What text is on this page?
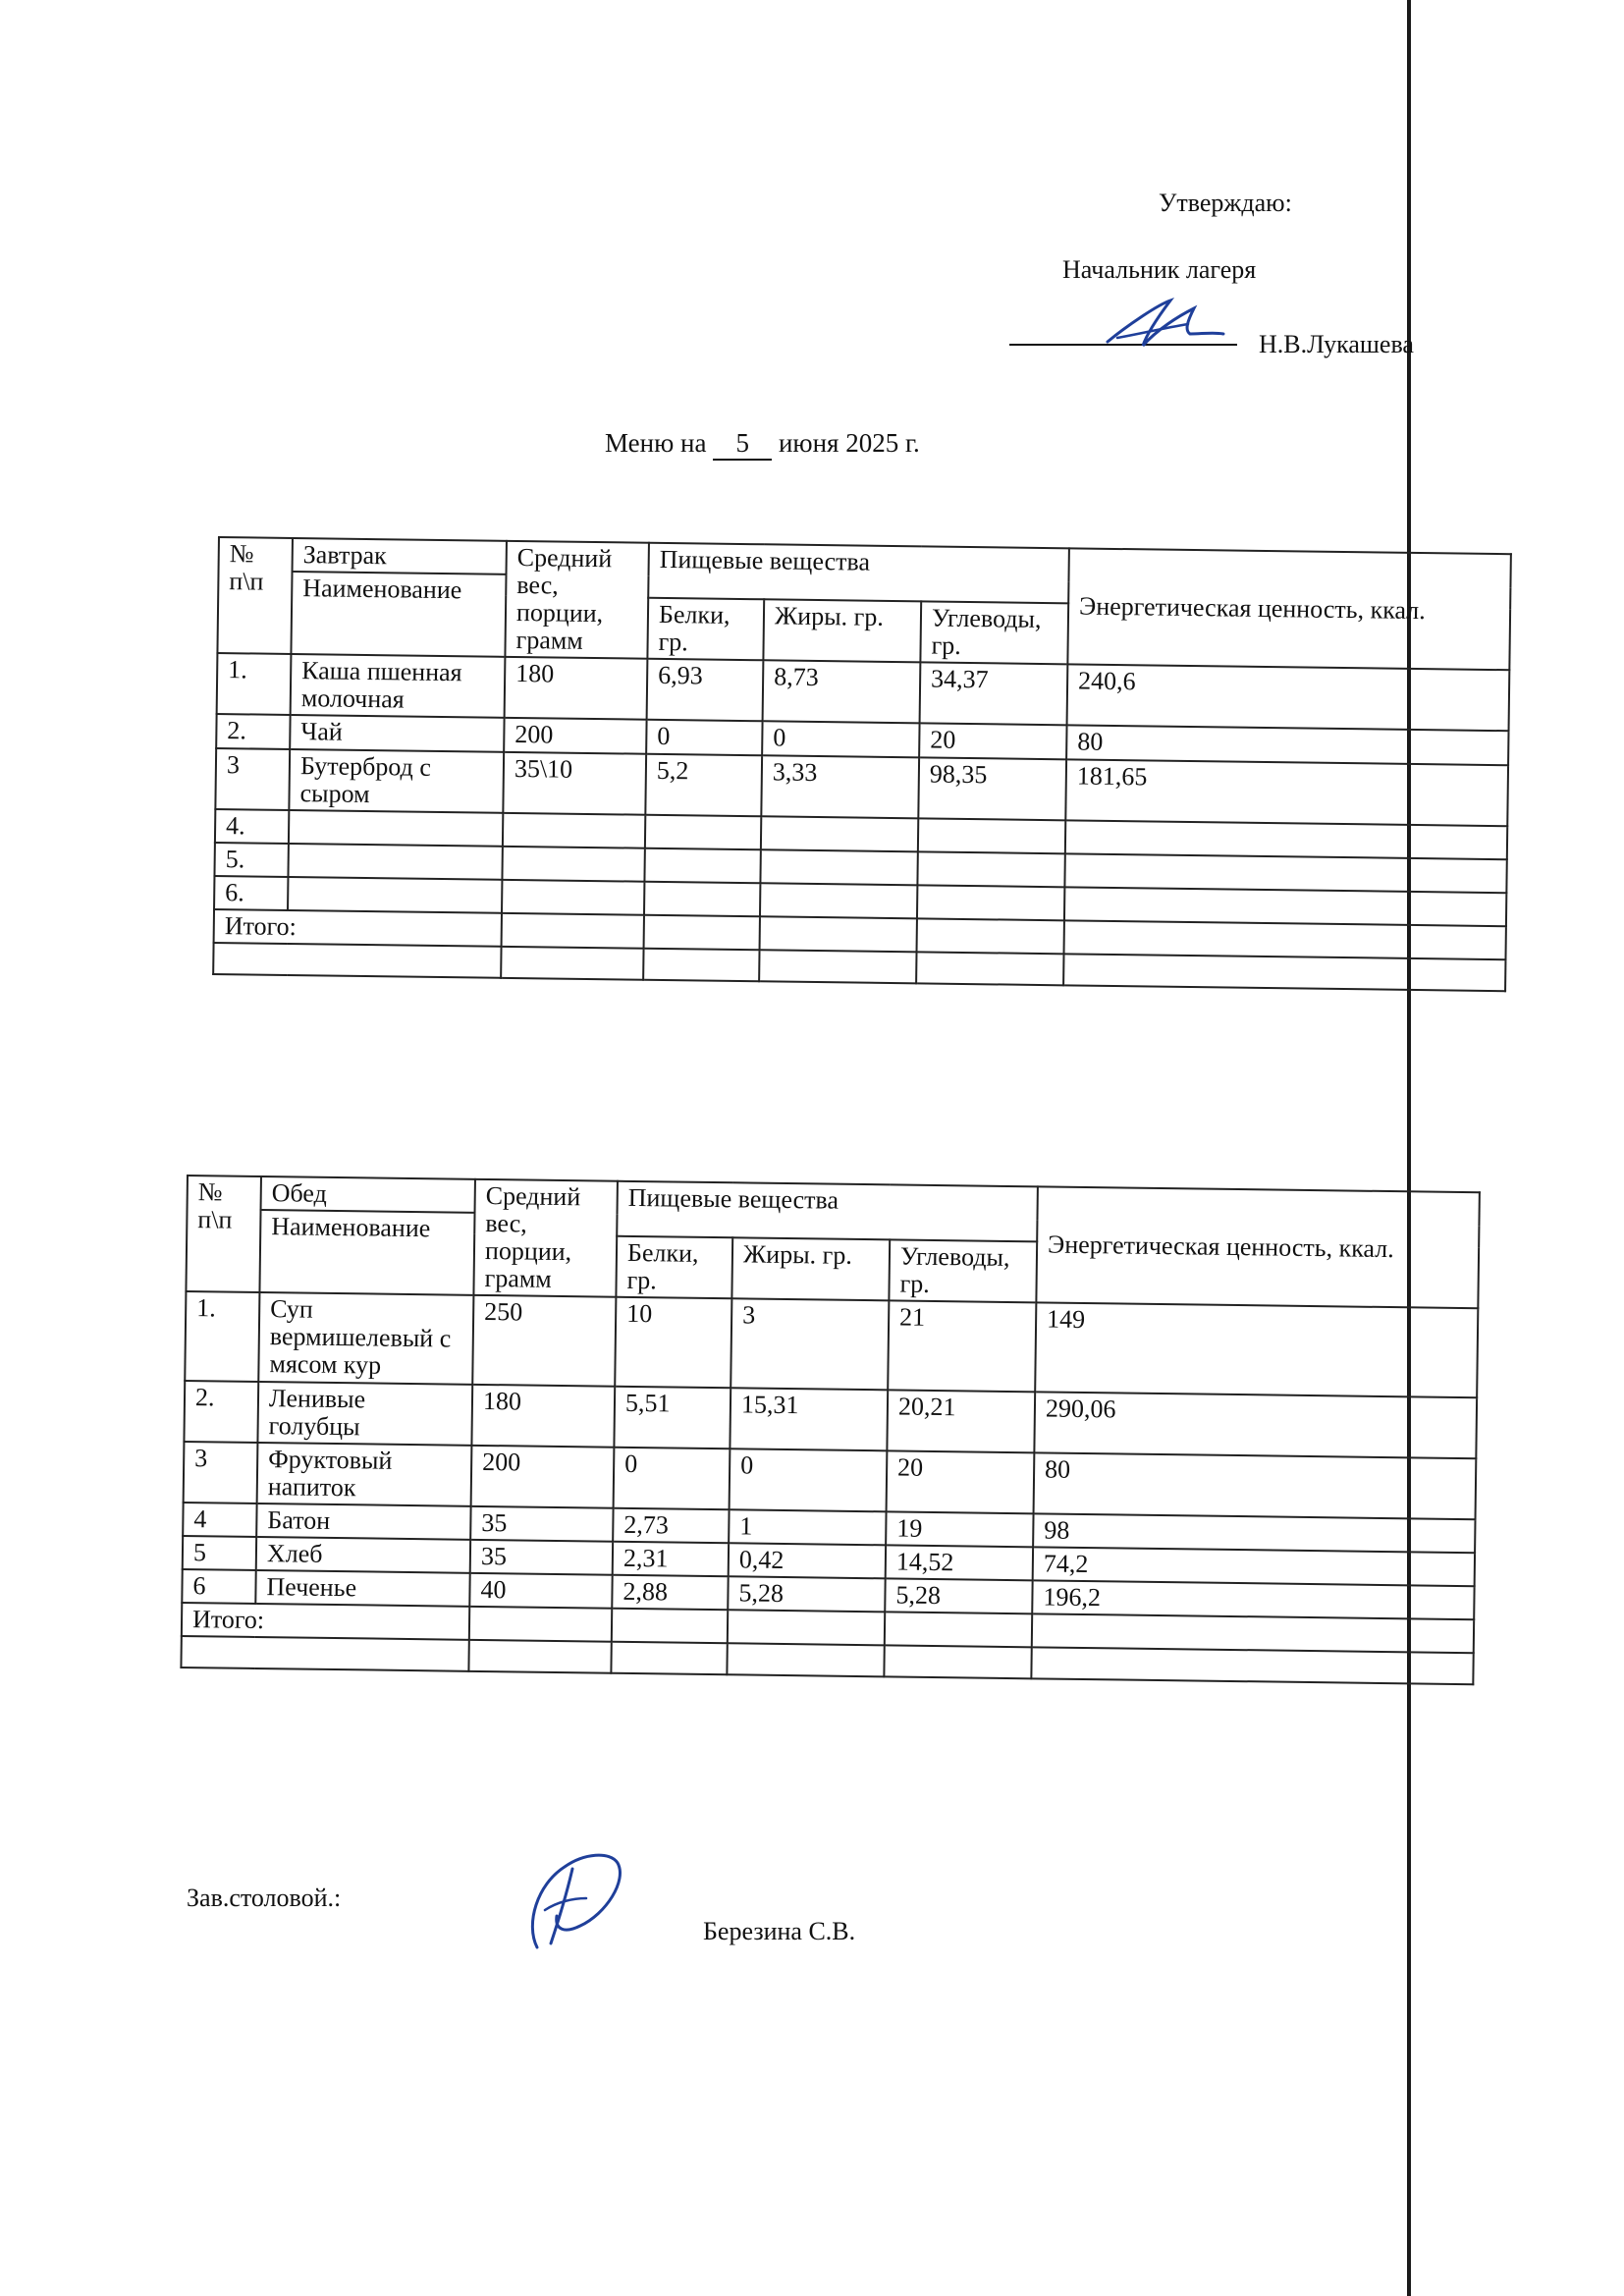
Утверждаю:
Начальник лагеря
Н.В.Лукашева
Меню на 5 июня 2025 г.
№ п\п	Завтрак	Средний вес, порции, грамм	Пищевые вещества			Энергетическая ценность, ккал.
	Наименование					
			Белки, гр.	Жиры. гр.	Углеводы, гр.	
1.	Каша пшенная молочная	180	6,93	8,73	34,37	240,6
2.	Чай	200	0	0	20	80
3	Бутерброд с сыром	35\10	5,2	3,33	98,35	181,65
4.						
5.						
6.						
Итого:						

№ п\п	Обед	Средний вес, порции, грамм	Пищевые вещества			Энергетическая ценность, ккал.
	Наименование					
			Белки, гр.	Жиры. гр.	Углеводы, гр.	
1.	Суп вермишелевый с мясом кур	250	10	3	21	149
2.	Ленивые голубцы	180	5,51	15,31	20,21	290,06
3	Фруктовый напиток	200	0	0	20	80
4	Батон	35	2,73	1	19	98
5	Хлеб	35	2,31	0,42	14,52	74,2
6	Печенье	40	2,88	5,28	5,28	196,2
Итого:						

Зав.столовой.:
Березина С.В.
